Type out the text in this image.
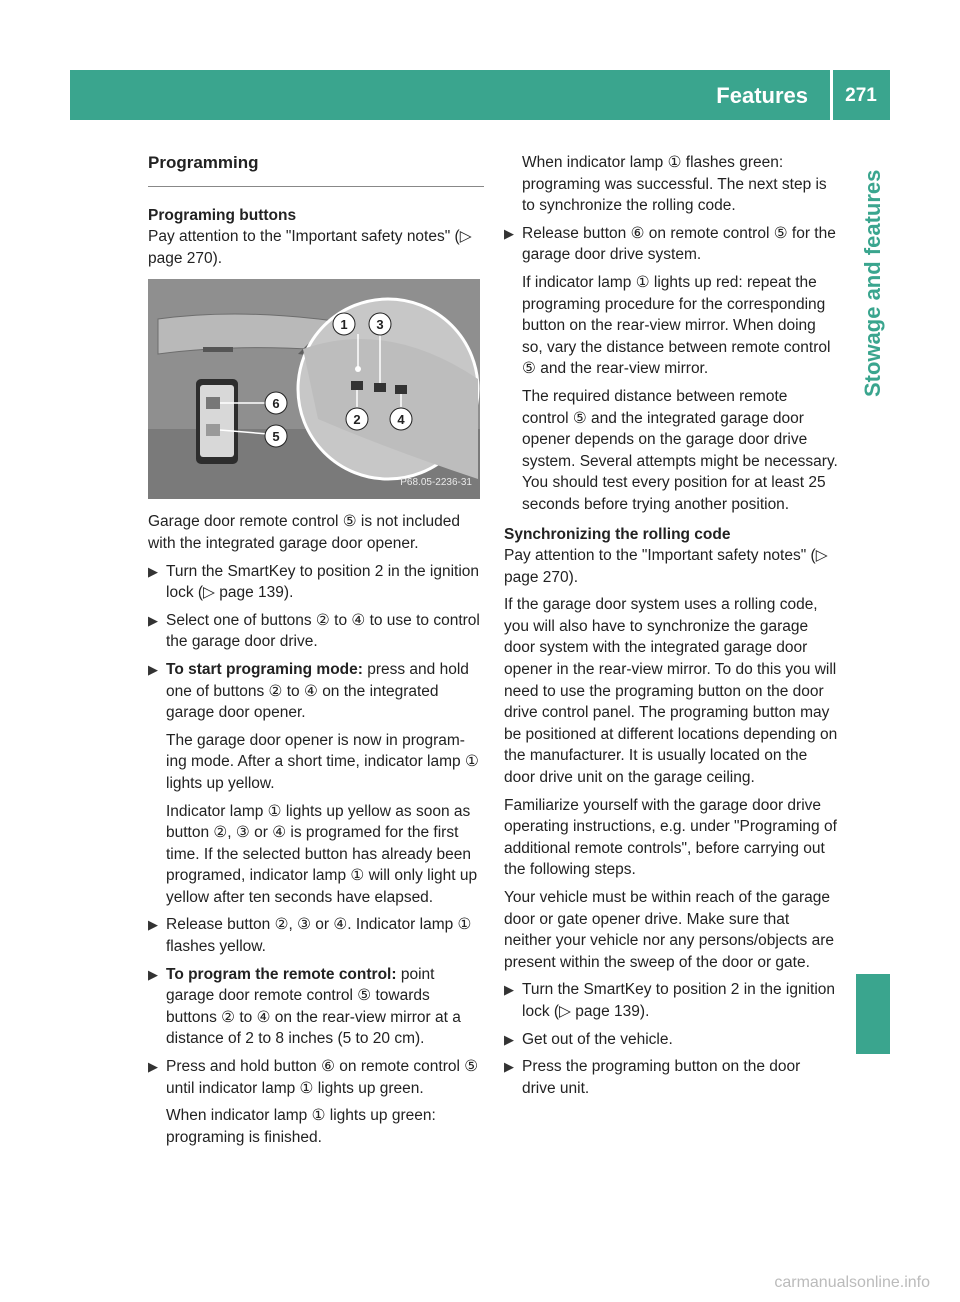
Features	271
Stowage and features
Programming

Programing buttons

Pay attention to the "Important safety notes" (▷ page 270).

1 3
2	4
6
5
P68.05-2236-31

Garage door remote control ⑤ is not included with the integrated garage door opener.

▶ Turn the SmartKey to position 2 in the ignition lock (▷ page 139).
▶ Select one of buttons ② to ④ to use to control the garage door drive.
▶ To start programing mode: press and hold one of buttons ② to ④ on the integrated garage door opener.

The garage door opener is now in program-ing mode. After a short time, indicator lamp ① lights up yellow.

Indicator lamp ① lights up yellow as soon as button ②, ③ or ④ is programed for the first time. If the selected button has already been programed, indicator lamp ① will only light up yellow after ten seconds have elapsed.

▶ Release button ②, ③ or ④. Indicator lamp ① flashes yellow.
▶ To program the remote control: point garage door remote control ⑤ towards buttons ② to ④ on the rear-view mirror at a distance of 2 to 8 inches (5 to 20 cm).
▶ Press and hold button ⑥ on remote control ⑤ until indicator lamp ① lights up green.

When indicator lamp ① lights up green: programing is finished.

When indicator lamp ① flashes green: programing was successful. The next step is to synchronize the rolling code.

▶ Release button ⑥ on remote control ⑤ for the garage door drive system.

If indicator lamp ① lights up red: repeat the programing procedure for the corresponding button on the rear-view mirror. When doing so, vary the distance between remote control ⑤ and the rear-view mirror.

The required distance between remote control ⑤ and the integrated garage door opener depends on the garage door drive system. Several attempts might be necessary. You should test every position for at least 25 seconds before trying another position.

Synchronizing the rolling code

Pay attention to the "Important safety notes" (▷ page 270).

If the garage door system uses a rolling code, you will also have to synchronize the garage door system with the integrated garage door opener in the rear-view mirror. To do this you will need to use the programing button on the door drive control panel. The programing button may be positioned at different locations depending on the manufacturer. It is usually located on the door drive unit on the garage ceiling.

Familiarize yourself with the garage door drive operating instructions, e.g. under "Programing of additional remote controls", before carrying out the following steps.

Your vehicle must be within reach of the garage door or gate opener drive. Make sure that neither your vehicle nor any persons/objects are present within the sweep of the door or gate.

▶ Turn the SmartKey to position 2 in the ignition lock (▷ page 139).
▶ Get out of the vehicle.
▶ Press the programing button on the door drive unit.
carmanualsonline.info
